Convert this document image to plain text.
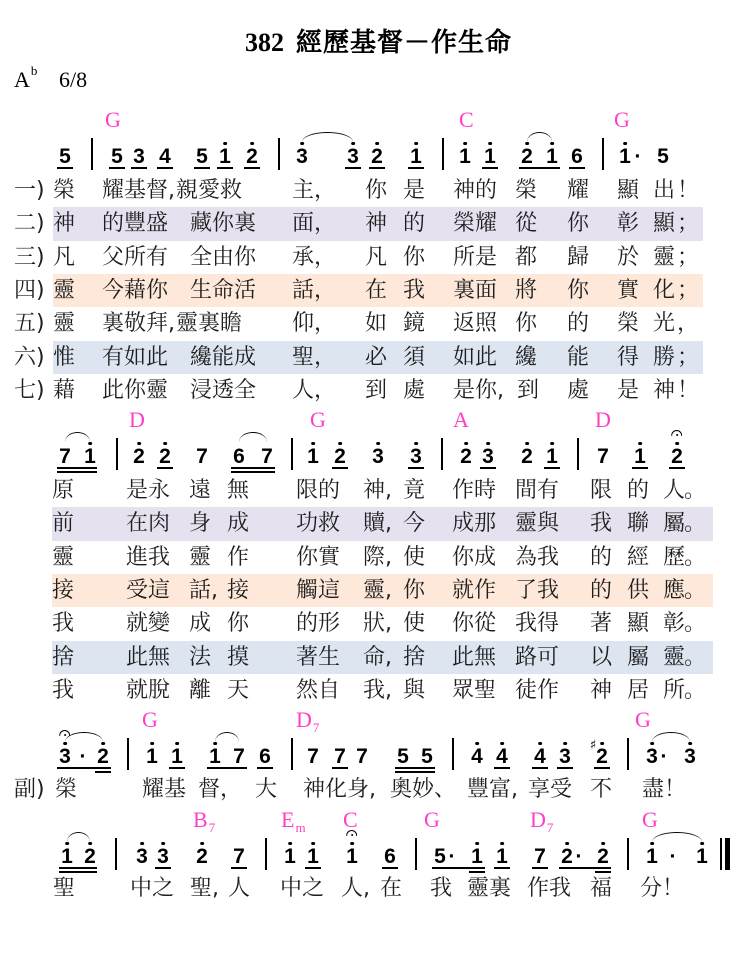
382 經歷基督－作生命
$A^b$ 6/8
G	C	G
5 5 3 4 5 1 2 3 3 2 1 1 1 2 1 6 1 · 5
一) 榮 耀基督, 親愛救 主， 你 是 神的 榮 耀 顯 出 ！
二) 神 的豐盛 藏你裏 面， 神 的 榮耀 從 你 彰 顯 ；
三) 凡 父所有 全由你 承， 凡 你 所是 都 歸 於 靈 ；
四) 靈 今藉你 生命活 話， 在 我 裏面 將 你 實 化 ；
五) 靈 裏敬拜, 靈裏瞻 仰， 如 鏡 返照 你 的 榮 光 ，
六) 惟 有如此 纔能成 聖， 必 須 如此 纔 能 得 勝 ；
七) 藉 此你靈 浸透全 人， 到 處 是你, 到 處 是 神 ！
D	G	A	D
7 1 2 2 7 6 7 1 2 3 3 2 3 2 1 7 1 2
原 是永 遠 無 限的 神, 竟 作時 間有 限 的 人
。
前 在肉 身 成 功救 贖, 今 成那 靈與 我 聯 屬
。
靈 進我 靈 作 你實 際, 使 你成 為我 的 經 歷
。
接 受這 話, 接 觸這 靈, 你 就作 了我 的 供 應
。
我 就變 成 你 的形 狀, 使 你從 我得 著 顯 彰
。
捨 此無 法 摸 著生 命, 捨 此無 路可 以 屬 靈
。
我 就脫 離 天 然自 我, 與 眾聖 徒作 神 居 所
。
G	$D_7$	G
3 · 2 1 1 1 7 6 7 7 7 5 5 4 4 4 3 ♯ 2 3 · 3
副) 榮	耀基 督， 大 神化身, 奧妙、 豐富, 享受 不 盡！
$B_7$	$E_m$ C	G	$D_7$	G
1 2 3 3 2 7 1 1 1 6 5 · 1 1 7 2 · 2 1 · 1
聖 中之 聖, 人 中之 人, 在 我 靈裏 作我 福 分！
